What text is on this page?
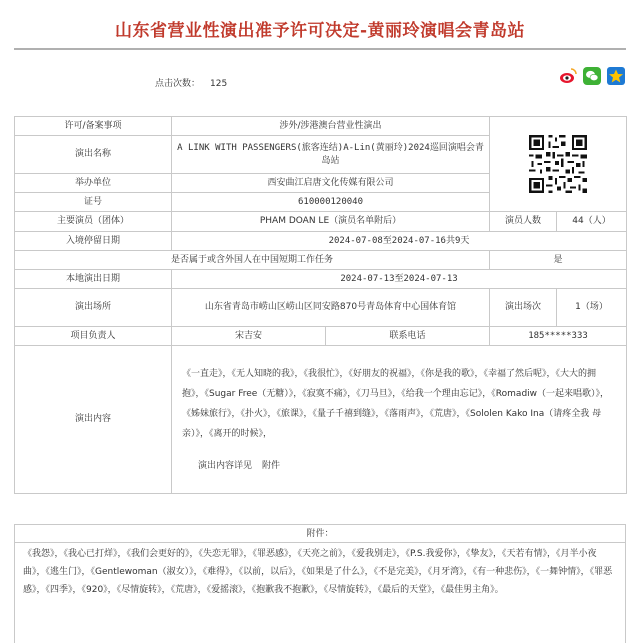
山东省营业性演出准予许可决定-黄丽玲演唱会青岛站
点击次数： 125
许可/备案事项	涉外/涉港澳台营业性演出	

演出名称	A LINK WITH PASSENGERS(旅客连结)A-Lin(黄丽玲)2024巡回演唱会青岛站			
举办单位	西安曲江启唐文化传媒有限公司			
证号	610000120040			
主要演员（团体）	PHAM DOAN LE（演员名单附后）		演员人数	44（人）
入境停留日期	2024-07-08至2024-07-16共9天			
是否属于或含外国人在中国短期工作任务			是	
本地演出日期	2024-07-13至2024-07-13			
演出场所	山东省青岛市崂山区崂山区同安路870号青岛体育中心国体育馆		演出场次	1（场）
项目负责人	宋吉安	联系电话	185*****333	
演出内容	《一直走》，《无人知晓的我》，《我很忙》，《好朋友的祝福》，《你是我的歌》，《幸福了然后呢》，《大大的拥抱》，《Sugar Free（无糖）》，《寂寞不痛》，《刀马旦》，《给我一个理由忘记》，《Romadiw（一起来唱歌）》，《姊妹旅行》，《扑火》，《旅课》，《量子千禧到缝》，《落雨声》，《荒唐》，《Sololen Kako Ina（请疼全我 母亲）》，《离开的时候》，
演出内容详见 附件			
附件：
《我怨》，《我心已打烊》，《我们会更好的》，《失恋无罪》，《罪恶感》，《天亮之前》，《爱我别走》，《P.S.我爱你》，《挚友》，《天若有情》，《月半小夜曲》，《逃生门》，《Gentlewoman（淑女）》，《难得》，《以前，以后》，《如果是了什么》，《不是完美》，《月牙湾》，《有一种悲伤》，《一舞钟情》，《罪恶感》，《四季》，《920》，《尽情旋转》，《荒唐》，《爱摇滚》，《抱歉我不抱歉》，《尽情旋转》，《最后的天堂》，《最佳男主角》。
